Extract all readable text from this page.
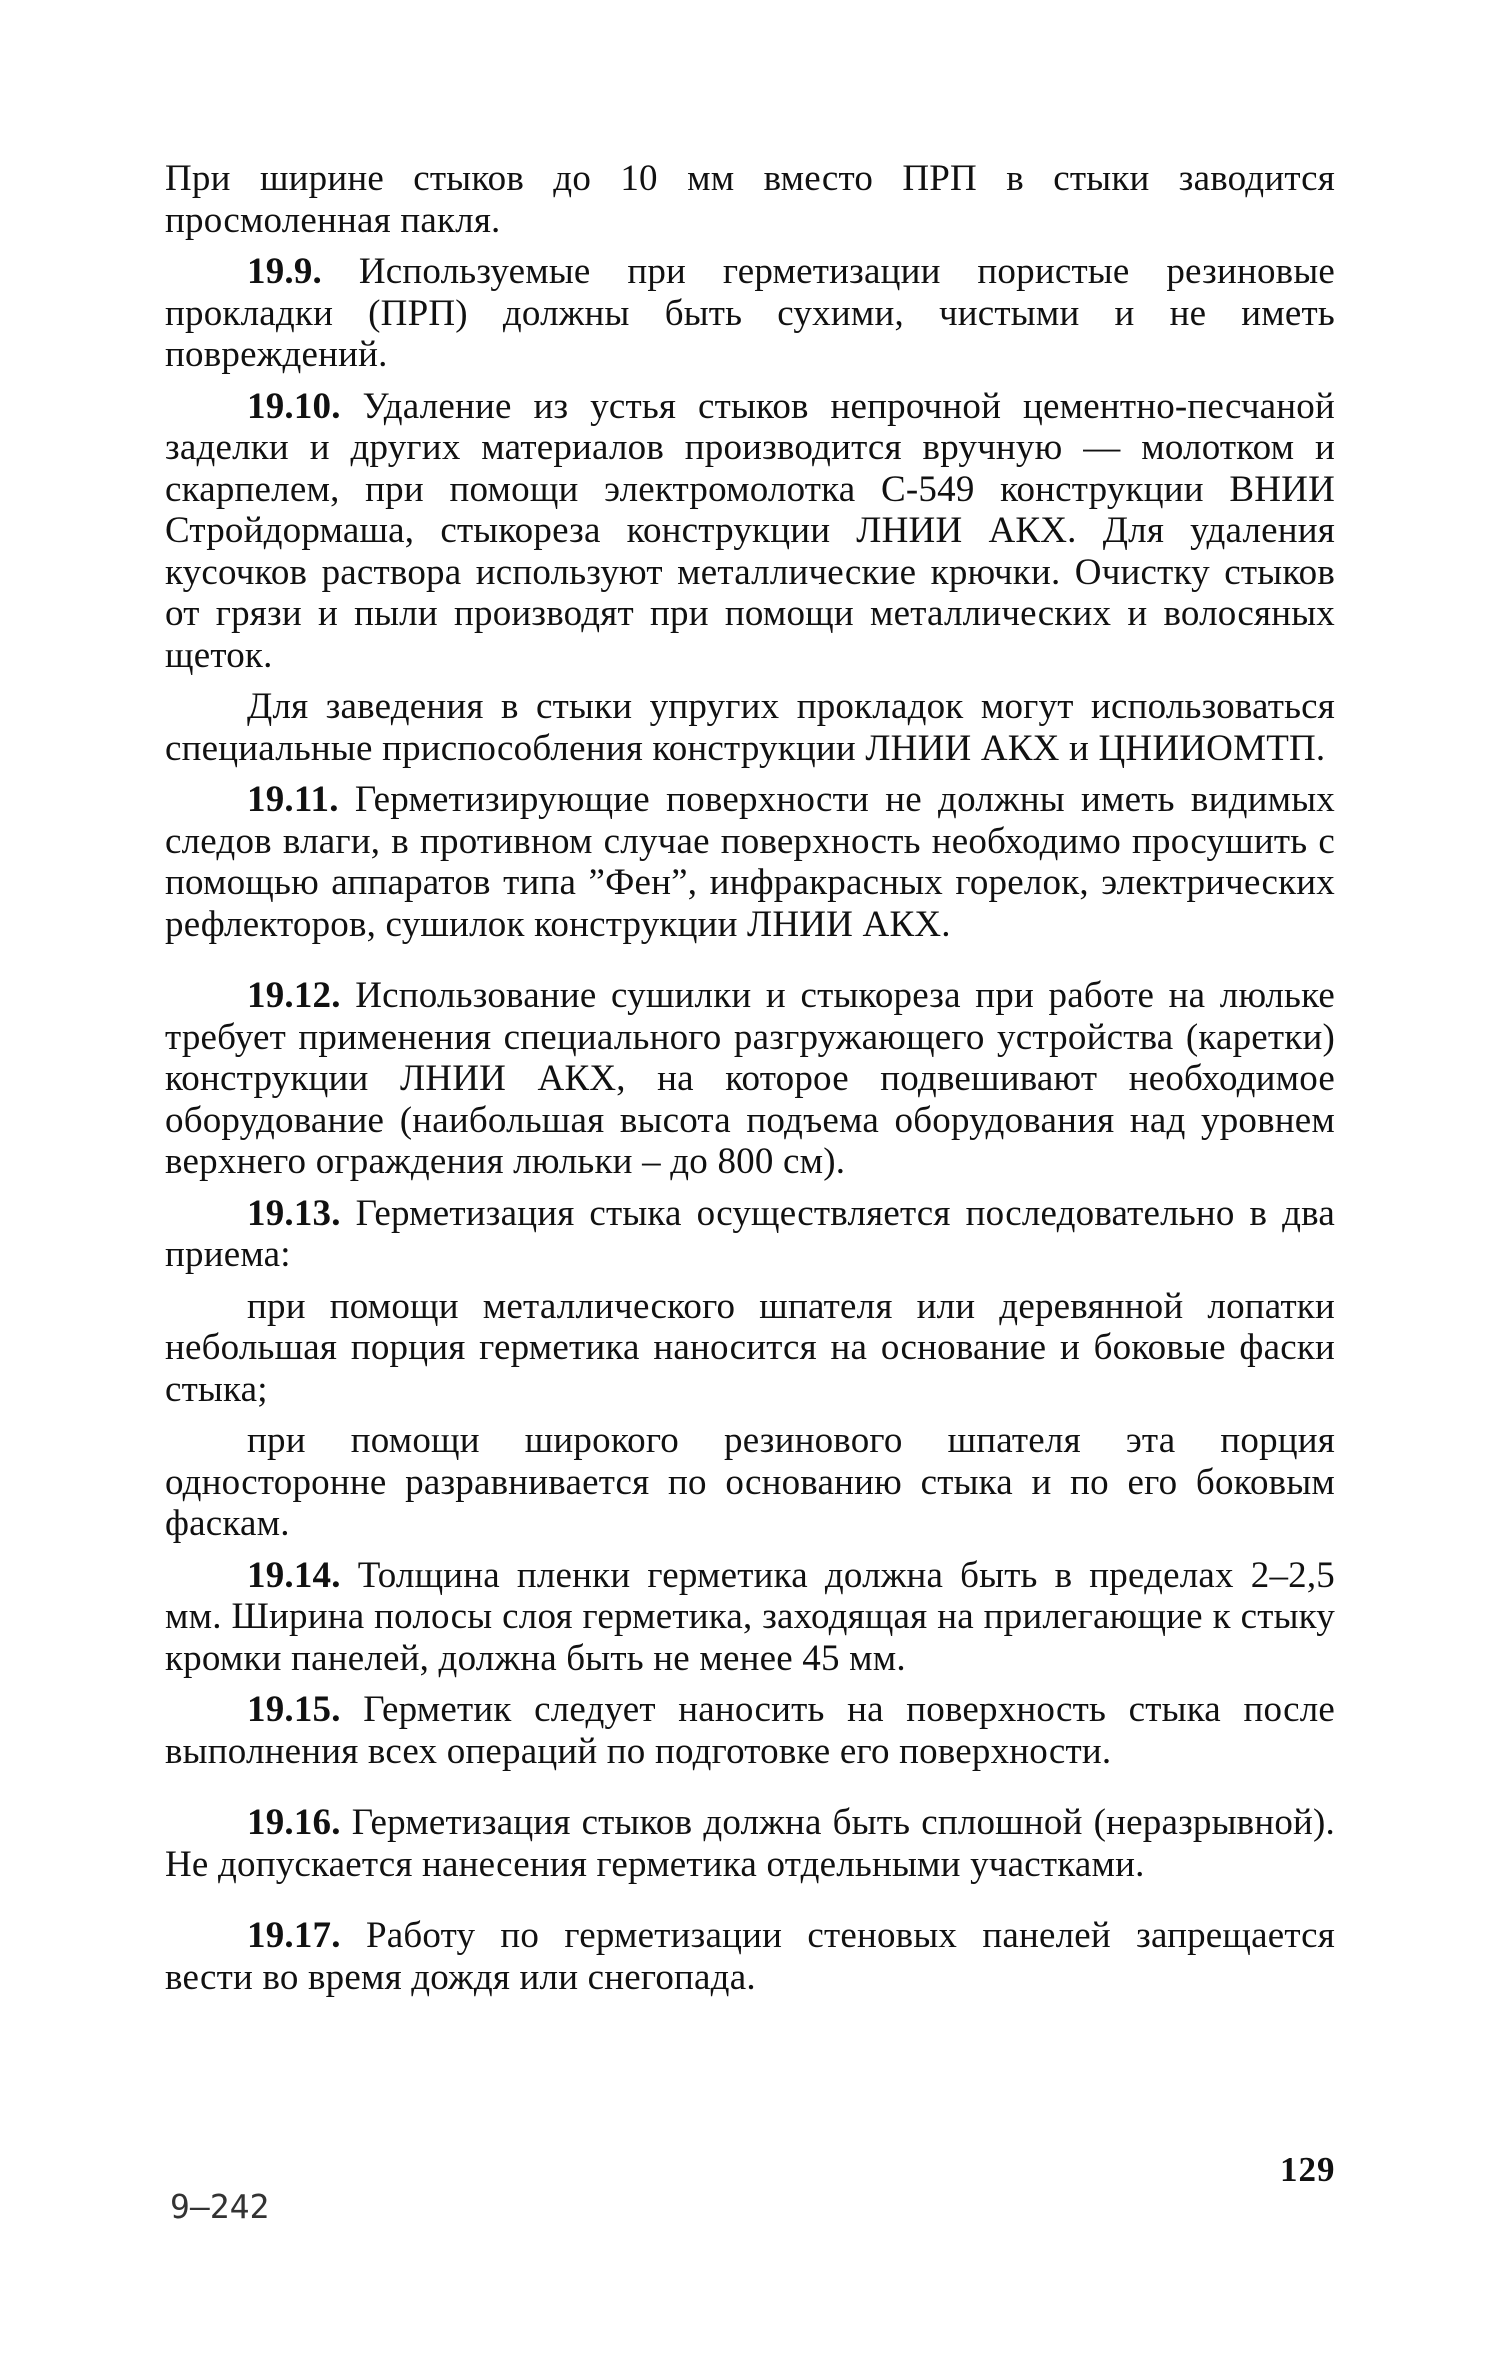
При ширине стыков до 10 мм вместо ПРП в стыки заводится просмоленная пакля.

19.9. Используемые при герметизации пористые резиновые прокладки (ПРП) должны быть сухими, чистыми и не иметь повреждений.

19.10. Удаление из устья стыков непрочной цементно-песчаной заделки и других материалов производится вручную — молотком и скарпелем, при помощи электромолотка С-549 конструкции ВНИИ Стройдормаша, стыкореза конструкции ЛНИИ АКХ. Для удаления кусочков раствора используют металлические крючки. Очистку стыков от грязи и пыли производят при помощи металлических и волосяных щеток.

Для заведения в стыки упругих прокладок могут использоваться специальные приспособления конструкции ЛНИИ АКХ и ЦНИИОМТП.

19.11. Герметизирующие поверхности не должны иметь видимых следов влаги, в противном случае поверхность необходимо просушить с помощью аппаратов типа ”Фен”, инфракрасных горелок, электрических рефлекторов, сушилок конструкции ЛНИИ АКХ.

19.12. Использование сушилки и стыкореза при работе на люльке требует применения специального разгружающего устройства (каретки) конструкции ЛНИИ АКХ, на которое подвешивают необходимое оборудование (наибольшая высота подъема оборудования над уровнем верхнего ограждения люльки – до 800 см).

19.13. Герметизация стыка осуществляется последовательно в два приема:

при помощи металлического шпателя или деревянной лопатки небольшая порция герметика наносится на основание и боковые фаски стыка;

при помощи широкого резинового шпателя эта порция односторонне разравнивается по основанию стыка и по его боковым фаскам.

19.14. Толщина пленки герметика должна быть в пределах 2–2,5 мм. Ширина полосы слоя герметика, заходящая на прилегающие к стыку кромки панелей, должна быть не менее 45 мм.

19.15. Герметик следует наносить на поверхность стыка после выполнения всех операций по подготовке его поверхности.

19.16. Герметизация стыков должна быть сплошной (неразрывной). Не допускается нанесения герметика отдельными участками.

19.17. Работу по герметизации стеновых панелей запрещается вести во время дождя или снегопада.

129
9–242
